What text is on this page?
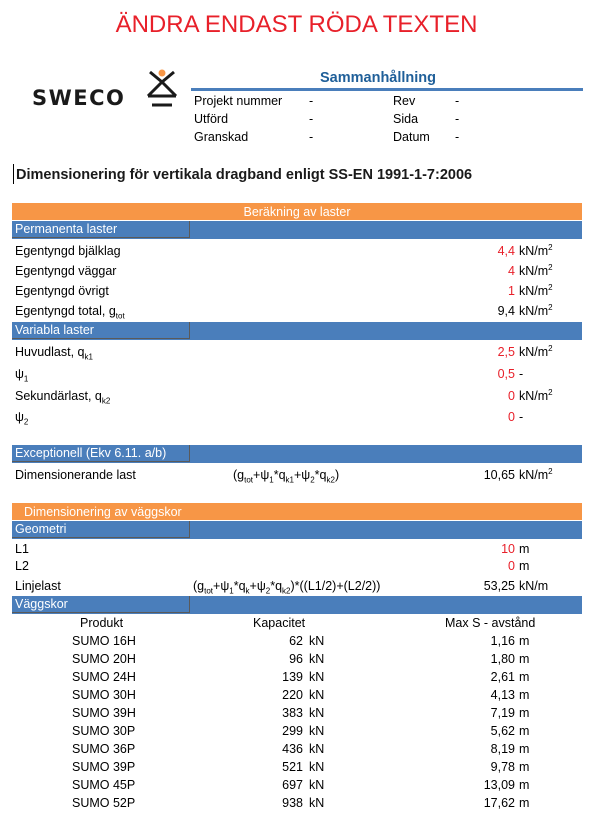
ÄNDRA ENDAST RÖDA TEXTEN
SWECO
Sammanhållning
Projekt nummer -	Rev	-
Utförd	-	Sida	-
Granskad	-	Datum -
Dimensionering för vertikala dragband enligt SS-EN 1991-1-7:2006
Beräkning av laster
Permanenta laster
Egentyngd bjälklag	4,4 $kN/m^2$
Egentyngd väggar	4 $kN/m^2$
Egentyngd övrigt	1 $kN/m^2$
Egentyngd total, $g_{tot}$	9,4 $kN/m^2$
Variabla laster
Huvudlast, $q_{k1}$	2,5 $kN/m^2$
$\psi_1$	0,5 -
Sekundärlast, $q_{k2}$	0 $kN/m^2$
$\psi_2$	0 -
Exceptionell (Ekv 6.11. a/b)
Dimensionerande last	$(g_{tot}+\psi_1*q_{k1}+\psi_2*q_{k2})$	10,65 $kN/m^2$
Dimensionering av väggskor
Geometri
L1	10 m
L2	0 m
Linjelast	$(g_{tot}+\psi_1*q_k+\psi_2*q_{k2})*((L1/2)+(L2/2))$	53,25 kN/m
Väggskor
Produkt	Kapacitet	Max S - avstånd
SUMO 16H	62 kN	1,16 m
SUMO 20H	96 kN	1,80 m
SUMO 24H	139 kN	2,61 m
SUMO 30H	220 kN	4,13 m
SUMO 39H	383 kN	7,19 m
SUMO 30P	299 kN	5,62 m
SUMO 36P	436 kN	8,19 m
SUMO 39P	521 kN	9,78 m
SUMO 45P	697 kN	13,09 m
SUMO 52P	938 kN	17,62 m
